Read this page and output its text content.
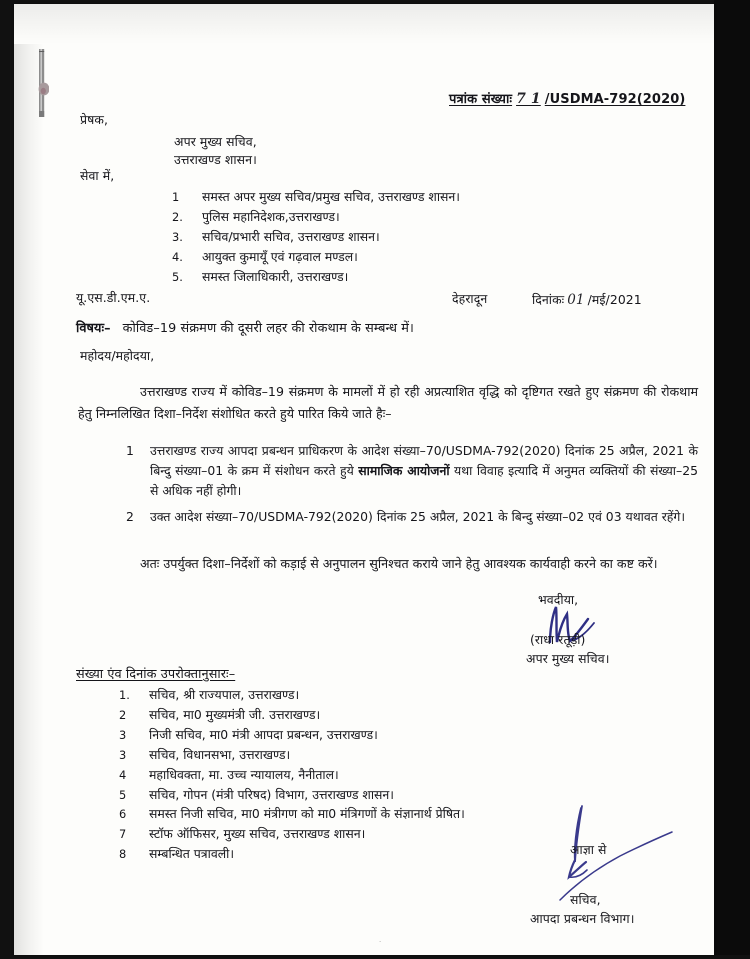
पत्रांक संख्याः 7 1 /USDMA-792(2020)
प्रेषक,
अपर मुख्य सचिव,
उत्तराखण्ड शासन।
सेवा में,
1	समस्त अपर मुख्य सचिव/प्रमुख सचिव, उत्तराखण्ड शासन।
2.	पुलिस महानिदेशक,उत्तराखण्ड।
3.	सचिव/प्रभारी सचिव, उत्तराखण्ड शासन।
4.	आयुक्त कुमायूँ एवं गढ़वाल मण्डल।
5.	समस्त जिलाधिकारी, उत्तराखण्ड।
यू.एस.डी.एम.ए.	देहरादून	दिनांकः 01 /मई/2021
विषयः– कोविड–19 संक्रमण की दूसरी लहर की रोकथाम के सम्बन्ध में।
महोदय/महोदया,
उत्तराखण्ड राज्य में कोविड–19 संक्रमण के मामलों में हो रही अप्रत्याशित वृद्धि को दृष्टिगत रखते हुए संक्रमण की रोकथाम हेतु निम्नलिखित दिशा–निर्देश संशोधित करते हुये पारित किये जाते हैः–
1	उत्तराखण्ड राज्य आपदा प्रबन्धन प्राधिकरण के आदेश संख्या–70/USDMA-792(2020) दिनांक 25 अप्रैल, 2021 के बिन्दु संख्या–01 के क्रम में संशोधन करते हुये सामाजिक आयोजनों यथा विवाह इत्यादि में अनुमत व्यक्तियों की संख्या–25 से अधिक नहीं होगी।
2	उक्त आदेश संख्या–70/USDMA-792(2020) दिनांक 25 अप्रैल, 2021 के बिन्दु संख्या–02 एवं 03 यथावत रहेंगे।
अतः उपर्युक्त दिशा–निर्देशों को कड़ाई से अनुपालन सुनिश्चत कराये जाने हेतु आवश्यक कार्यवाही करने का कष्ट करें।
भवदीया,
(राधा रतूड़ी)
अपर मुख्य सचिव।
संख्या एंव दिनांक उपरोक्तानुसारः–
1.	सचिव, श्री राज्यपाल, उत्तराखण्ड।
2	सचिव, मा0 मुख्यमंत्री जी. उत्तराखण्ड।
3	निजी सचिव, मा0 मंत्री आपदा प्रबन्धन, उत्तराखण्ड।
3	सचिव, विधानसभा, उत्तराखण्ड।
4	महाधिवक्ता, मा. उच्च न्यायालय, नैनीताल।
5	सचिव, गोपन (मंत्री परिषद) विभाग, उत्तराखण्ड शासन।
6	समस्त निजी सचिव, मा0 मंत्रीगण को मा0 मंत्रिगणों के संज्ञानार्थ प्रेषित।
7	स्टॉफ ऑफिसर, मुख्य सचिव, उत्तराखण्ड शासन।
8	सम्बन्धित पत्रावली।	आज्ञा से
सचिव,
आपदा प्रबन्धन विभाग।
·
